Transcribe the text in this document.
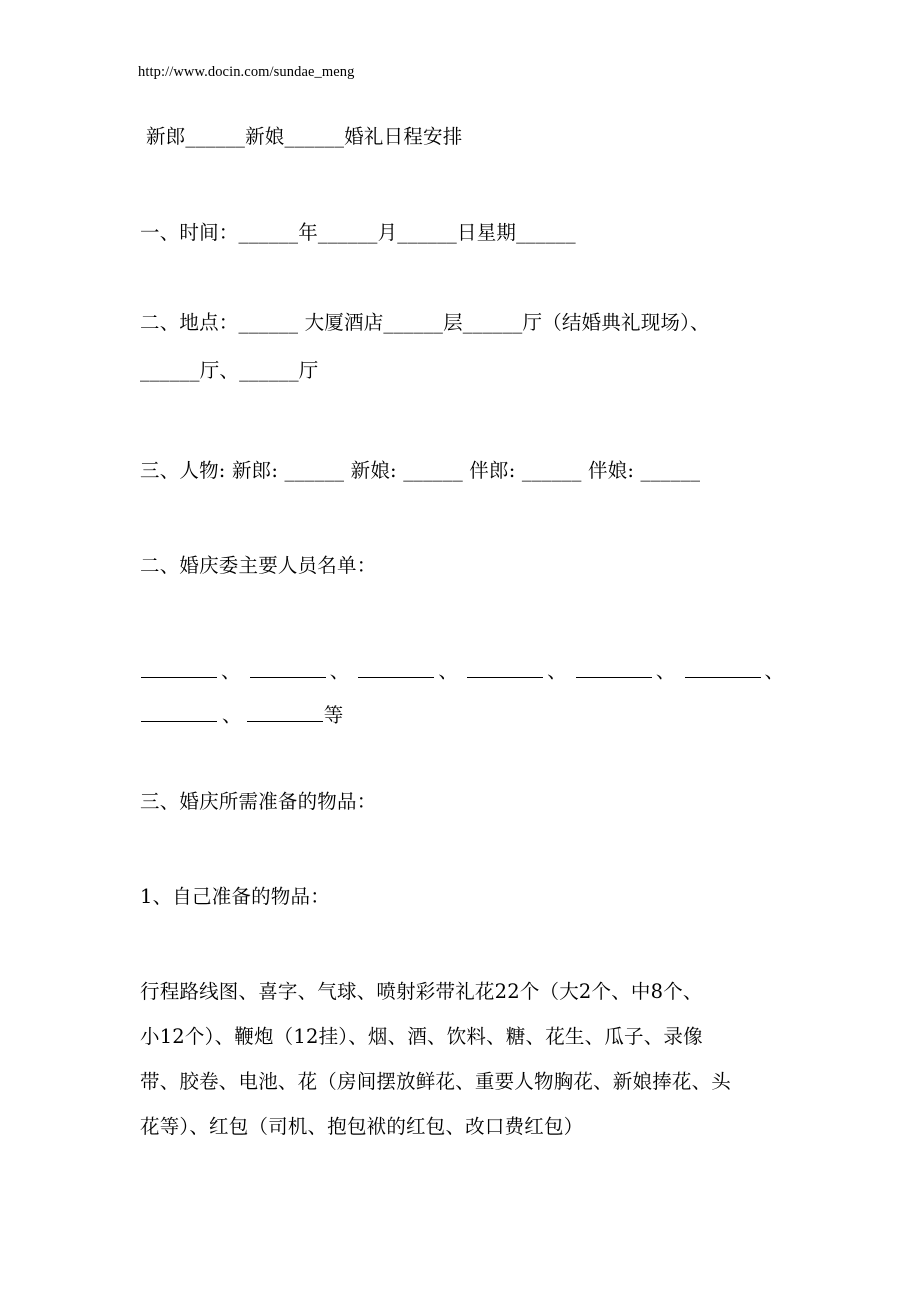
http://www.docin.com/sundae_meng
新郎______新娘______婚礼日程安排
一、时间：______年______月______日星期______
二、地点：______ 大厦酒店______层______厅（结婚典礼现场）、
______厅、______厅
三、人物: 新郎: ______ 新娘: ______ 伴郎: ______ 伴娘: ______
二、婚庆委主要人员名单：
、	、	、	、	、	、
、	等
三、婚庆所需准备的物品：
1、自己准备的物品：
行程路线图、喜字、气球、喷射彩带礼花22个（大2个、中8个、
小12个）、鞭炮（12挂）、烟、酒、饮料、糖、花生、瓜子、录像
带、胶卷、电池、花（房间摆放鲜花、重要人物胸花、新娘捧花、头
花等）、红包（司机、抱包袱的红包、改口费红包）
